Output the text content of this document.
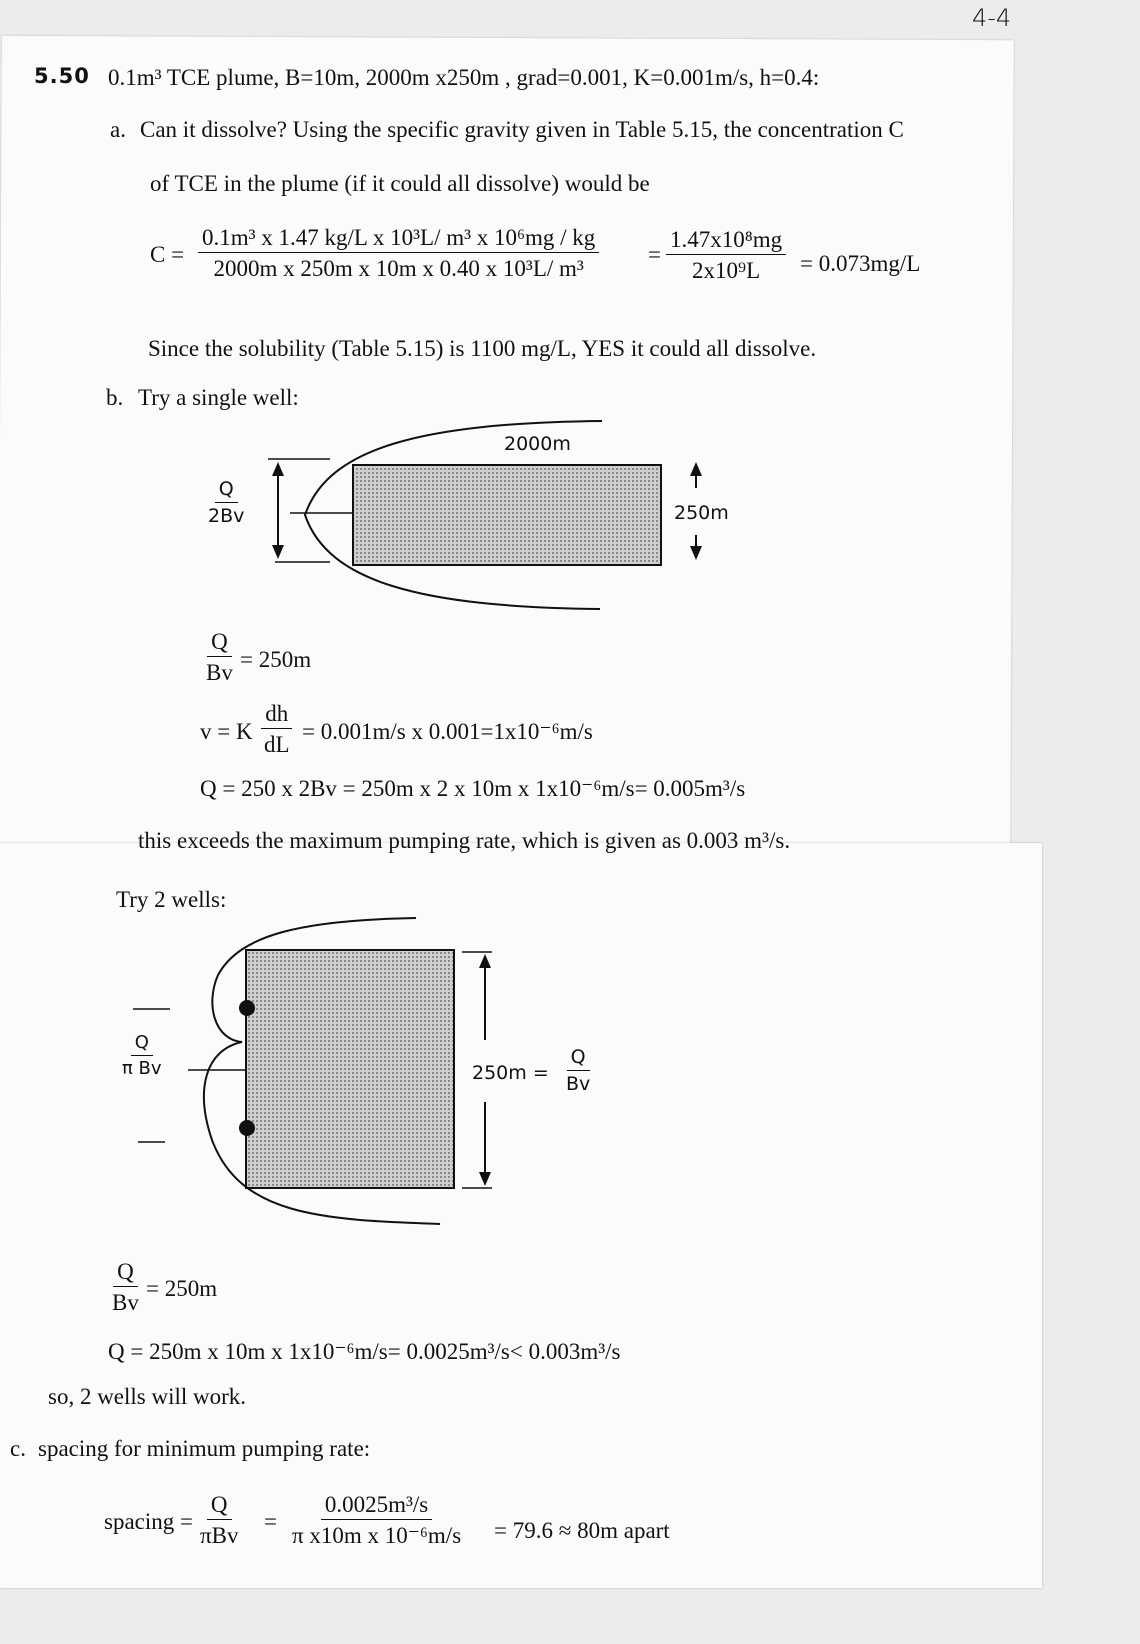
4-4
5.50 0.1m³ TCE plume, B=10m, 2000m x250m , grad=0.001, K=0.001m/s, h=0.4:
a. Can it dissolve? Using the specific gravity given in Table 5.15, the concentration C
of TCE in the plume (if it could all dissolve) would be
$C = \frac{\text{0.1m³ x 1.47 kg/L x 10³L/ m³ x 10⁶mg / kg}}{\text{2000m x 250m x 10m x 0.40 x 10³L/ m³}} = \frac{\text{1.47x10⁸mg}}{\text{2x10⁹L}} = 0.073mg/L$
Since the solubility (Table 5.15) is 1100 mg/L, YES it could all dissolve.
b. Try a single well:
2000m
250m
$\frac{Q}{2Bv}$
$\frac{Q}{Bv} = 250m$
v = K $\frac{dh}{dL} = 0.001m/s$ x 0.001=1x10⁻⁶m/s
Q = 250 x 2Bv = 250m x 2 x 10m x 1x10⁻⁶m/s= 0.005m³/s
this exceeds the maximum pumping rate, which is given as 0.003 m³/s.
Try 2 wells:
$\frac{Q}{\text{π Bv}}$	$250m = \frac{Q}{Bv}$
$\frac{Q}{Bv} = 250m$
Q = 250m x 10m x 1x10⁻⁶m/s= 0.0025m³/s< 0.003m³/s
so, 2 wells will work.
c. spacing for minimum pumping rate:
spacing =
Q
πBv
= $\frac{\text{0.0025m³/s}}{\text{π x10m x 10⁻⁶m/s}} = 79.6 \approx 80m$ apart
